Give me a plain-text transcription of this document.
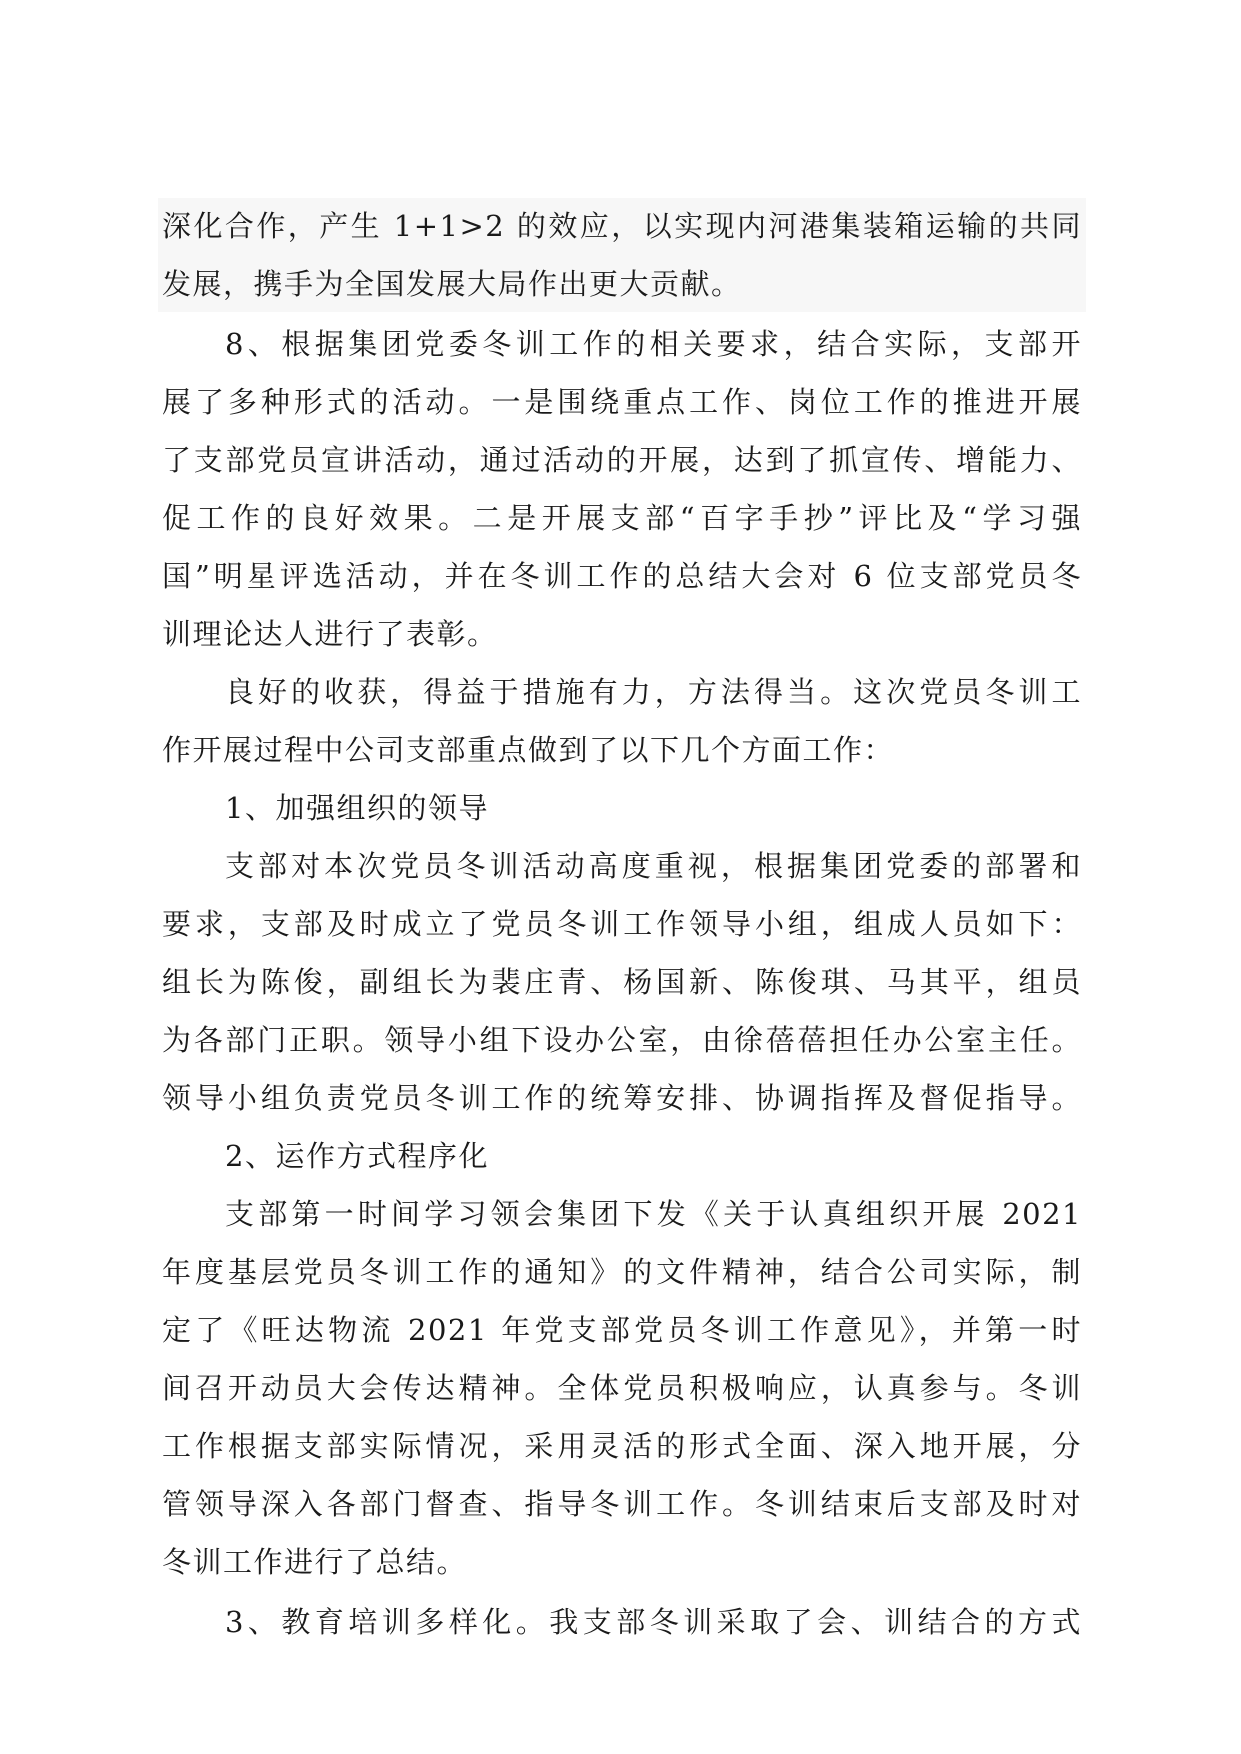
深化合作，产生 1+1>2 的效应，以实现内河港集装箱运输的共同
发展，携手为全国发展大局作出更大贡献。
8、根据集团党委冬训工作的相关要求，结合实际，支部开
展了多种形式的活动。一是围绕重点工作、岗位工作的推进开展
了支部党员宣讲活动，通过活动的开展，达到了抓宣传、增能力、
促工作的良好效果。二是开展支部“百字手抄”评比及“学习强
国”明星评选活动，并在冬训工作的总结大会对 6 位支部党员冬
训理论达人进行了表彰。
良好的收获，得益于措施有力，方法得当。这次党员冬训工
作开展过程中公司支部重点做到了以下几个方面工作：
1、加强组织的领导
支部对本次党员冬训活动高度重视，根据集团党委的部署和
要求，支部及时成立了党员冬训工作领导小组，组成人员如下：
组长为陈俊，副组长为裴庄青、杨国新、陈俊琪、马其平，组员
为各部门正职。领导小组下设办公室，由徐蓓蓓担任办公室主任。
领导小组负责党员冬训工作的统筹安排、协调指挥及督促指导。
2、运作方式程序化
支部第一时间学习领会集团下发《关于认真组织开展 2021
年度基层党员冬训工作的通知》的文件精神，结合公司实际，制
定了《旺达物流 2021 年党支部党员冬训工作意见》，并第一时
间召开动员大会传达精神。全体党员积极响应，认真参与。冬训
工作根据支部实际情况，采用灵活的形式全面、深入地开展，分
管领导深入各部门督查、指导冬训工作。冬训结束后支部及时对
冬训工作进行了总结。
3、教育培训多样化。我支部冬训采取了会、训结合的方式
